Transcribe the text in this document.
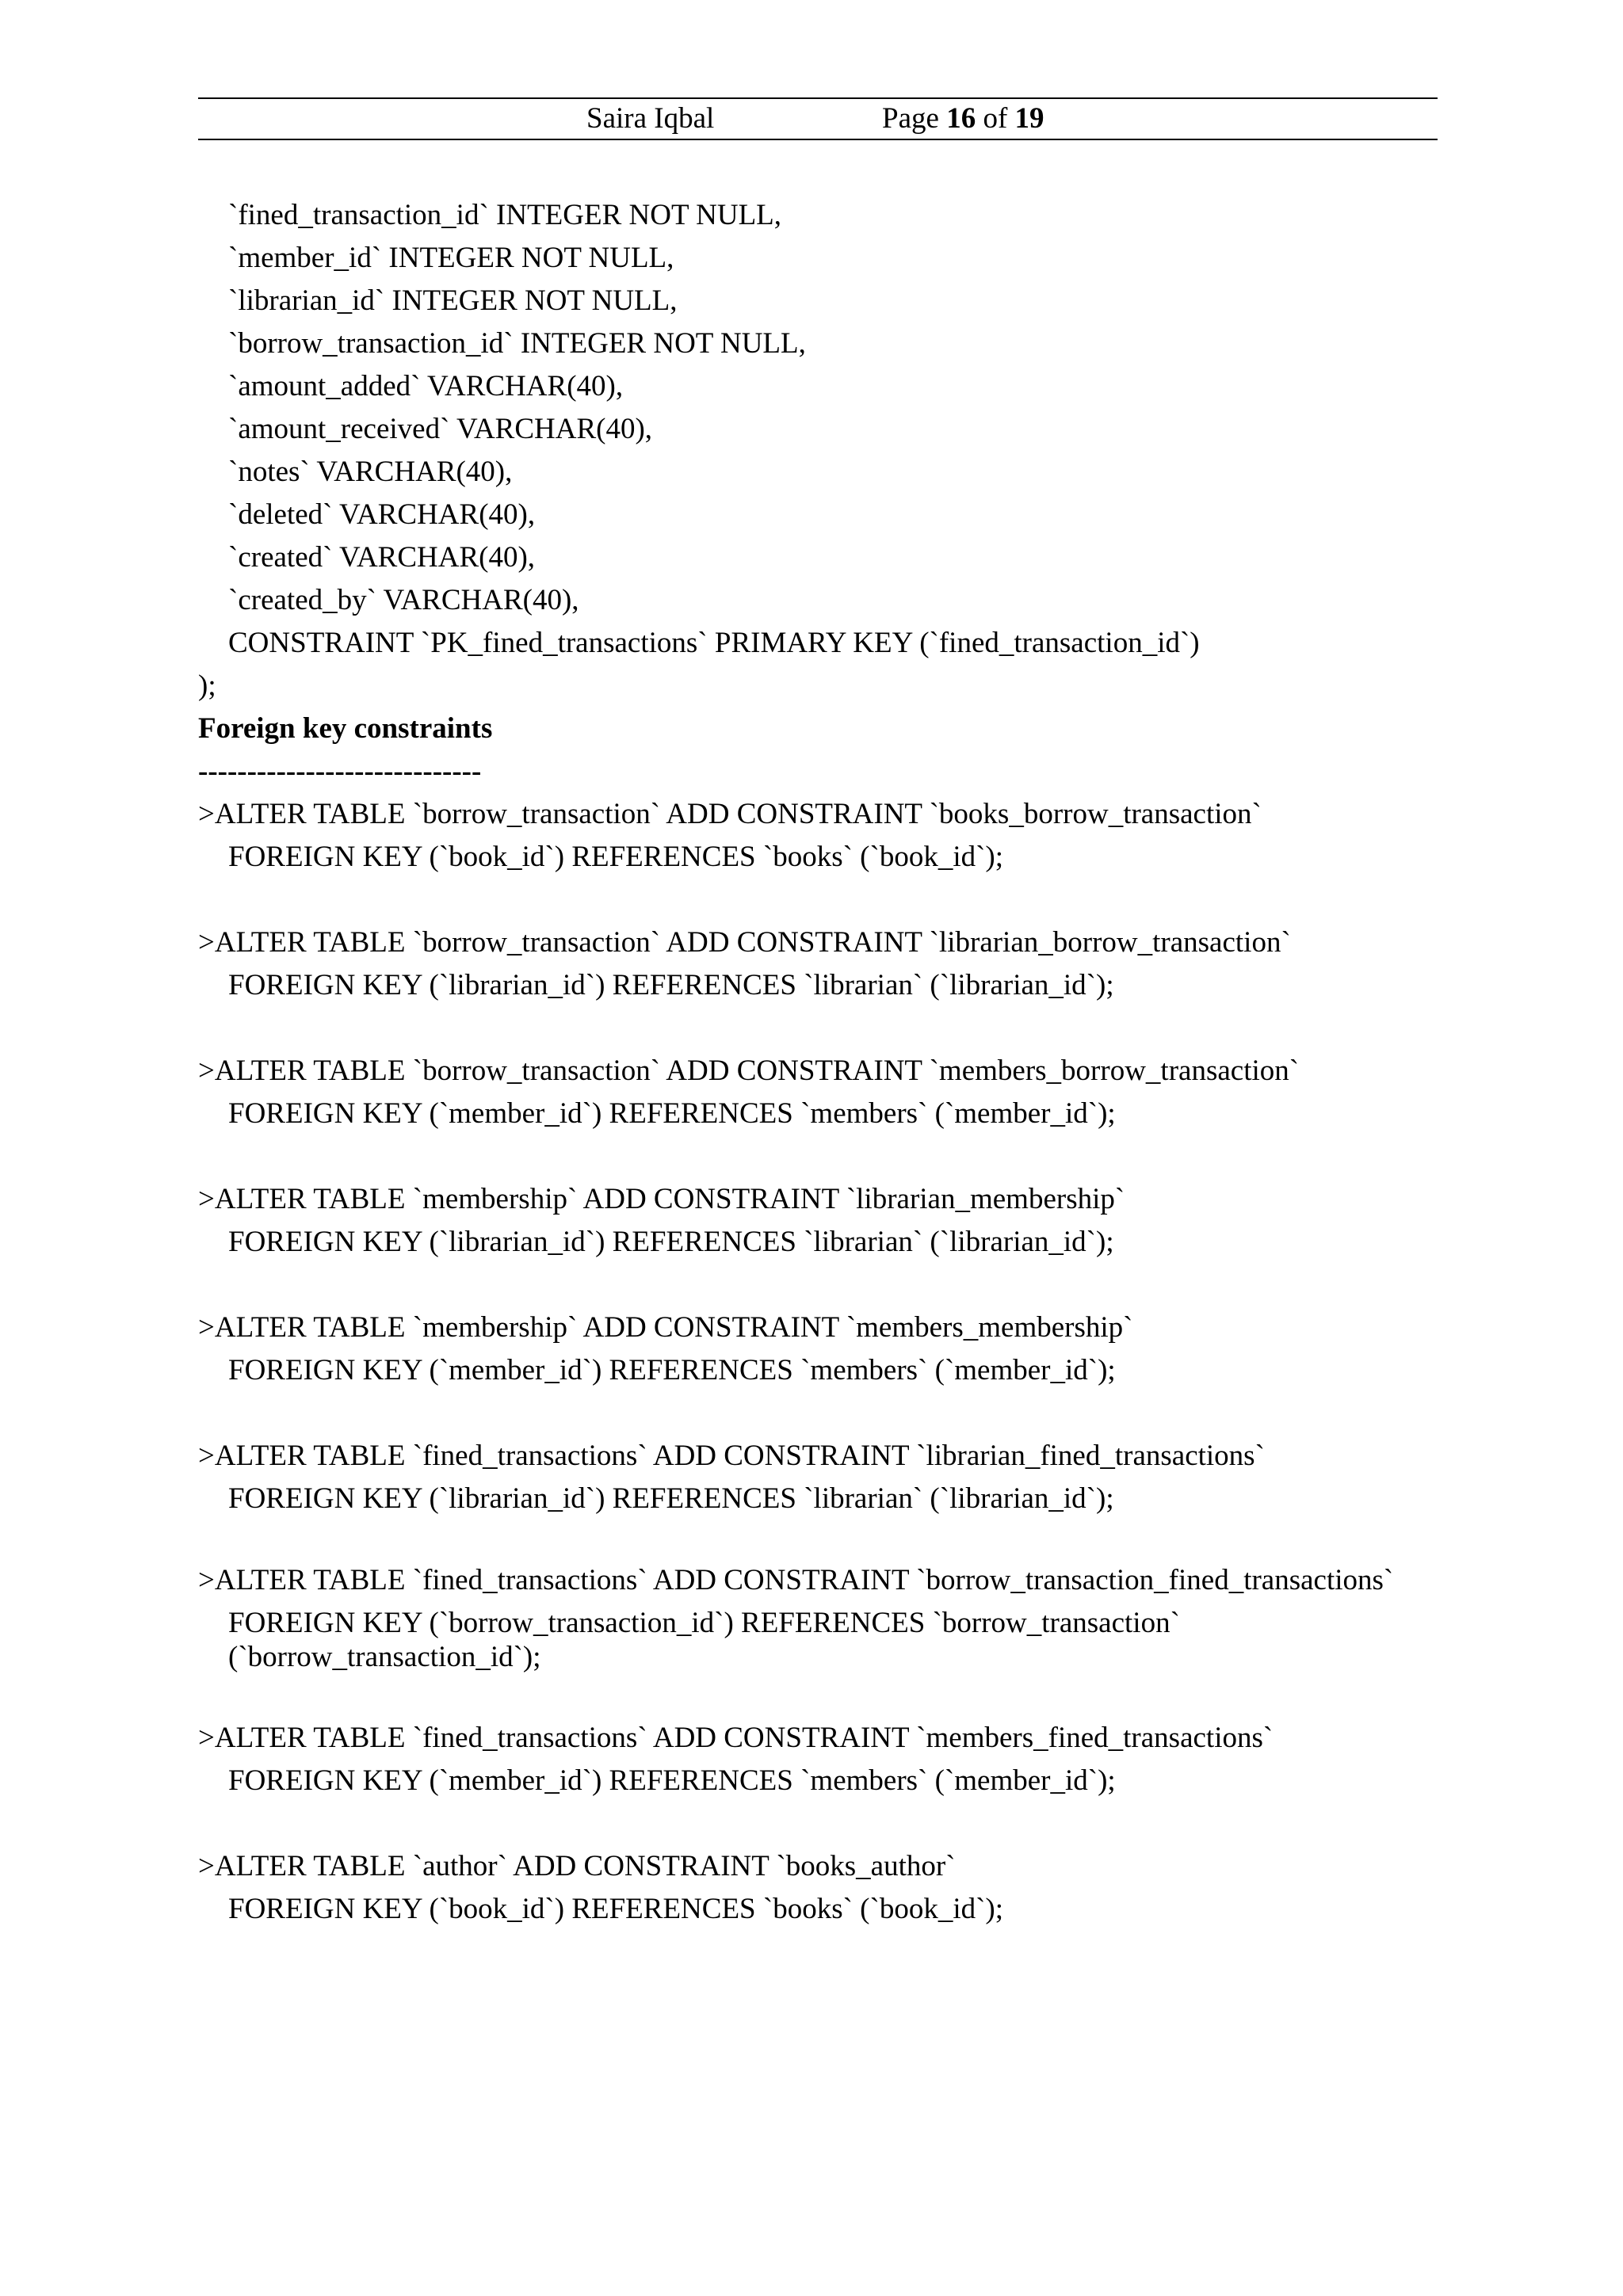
Saira Iqbal	Page 16 of 19
`fined_transaction_id` INTEGER NOT NULL,
`member_id` INTEGER NOT NULL,
`librarian_id` INTEGER NOT NULL,
`borrow_transaction_id` INTEGER NOT NULL,
`amount_added` VARCHAR(40),
`amount_received` VARCHAR(40),
`notes` VARCHAR(40),
`deleted` VARCHAR(40),
`created` VARCHAR(40),
`created_by` VARCHAR(40),
CONSTRAINT `PK_fined_transactions` PRIMARY KEY (`fined_transaction_id`)
);
Foreign key constraints
-----------------------------
>ALTER TABLE `borrow_transaction` ADD CONSTRAINT `books_borrow_transaction`
FOREIGN KEY (`book_id`) REFERENCES `books` (`book_id`);
>ALTER TABLE `borrow_transaction` ADD CONSTRAINT `librarian_borrow_transaction`
FOREIGN KEY (`librarian_id`) REFERENCES `librarian` (`librarian_id`);
>ALTER TABLE `borrow_transaction` ADD CONSTRAINT `members_borrow_transaction`
FOREIGN KEY (`member_id`) REFERENCES `members` (`member_id`);
>ALTER TABLE `membership` ADD CONSTRAINT `librarian_membership`
FOREIGN KEY (`librarian_id`) REFERENCES `librarian` (`librarian_id`);
>ALTER TABLE `membership` ADD CONSTRAINT `members_membership`
FOREIGN KEY (`member_id`) REFERENCES `members` (`member_id`);
>ALTER TABLE `fined_transactions` ADD CONSTRAINT `librarian_fined_transactions`
FOREIGN KEY (`librarian_id`) REFERENCES `librarian` (`librarian_id`);
>ALTER TABLE `fined_transactions` ADD CONSTRAINT `borrow_transaction_fined_transactions`
FOREIGN KEY (`borrow_transaction_id`) REFERENCES `borrow_transaction` (`borrow_transaction_id`);
>ALTER TABLE `fined_transactions` ADD CONSTRAINT `members_fined_transactions`
FOREIGN KEY (`member_id`) REFERENCES `members` (`member_id`);
>ALTER TABLE `author` ADD CONSTRAINT `books_author`
FOREIGN KEY (`book_id`) REFERENCES `books` (`book_id`);
